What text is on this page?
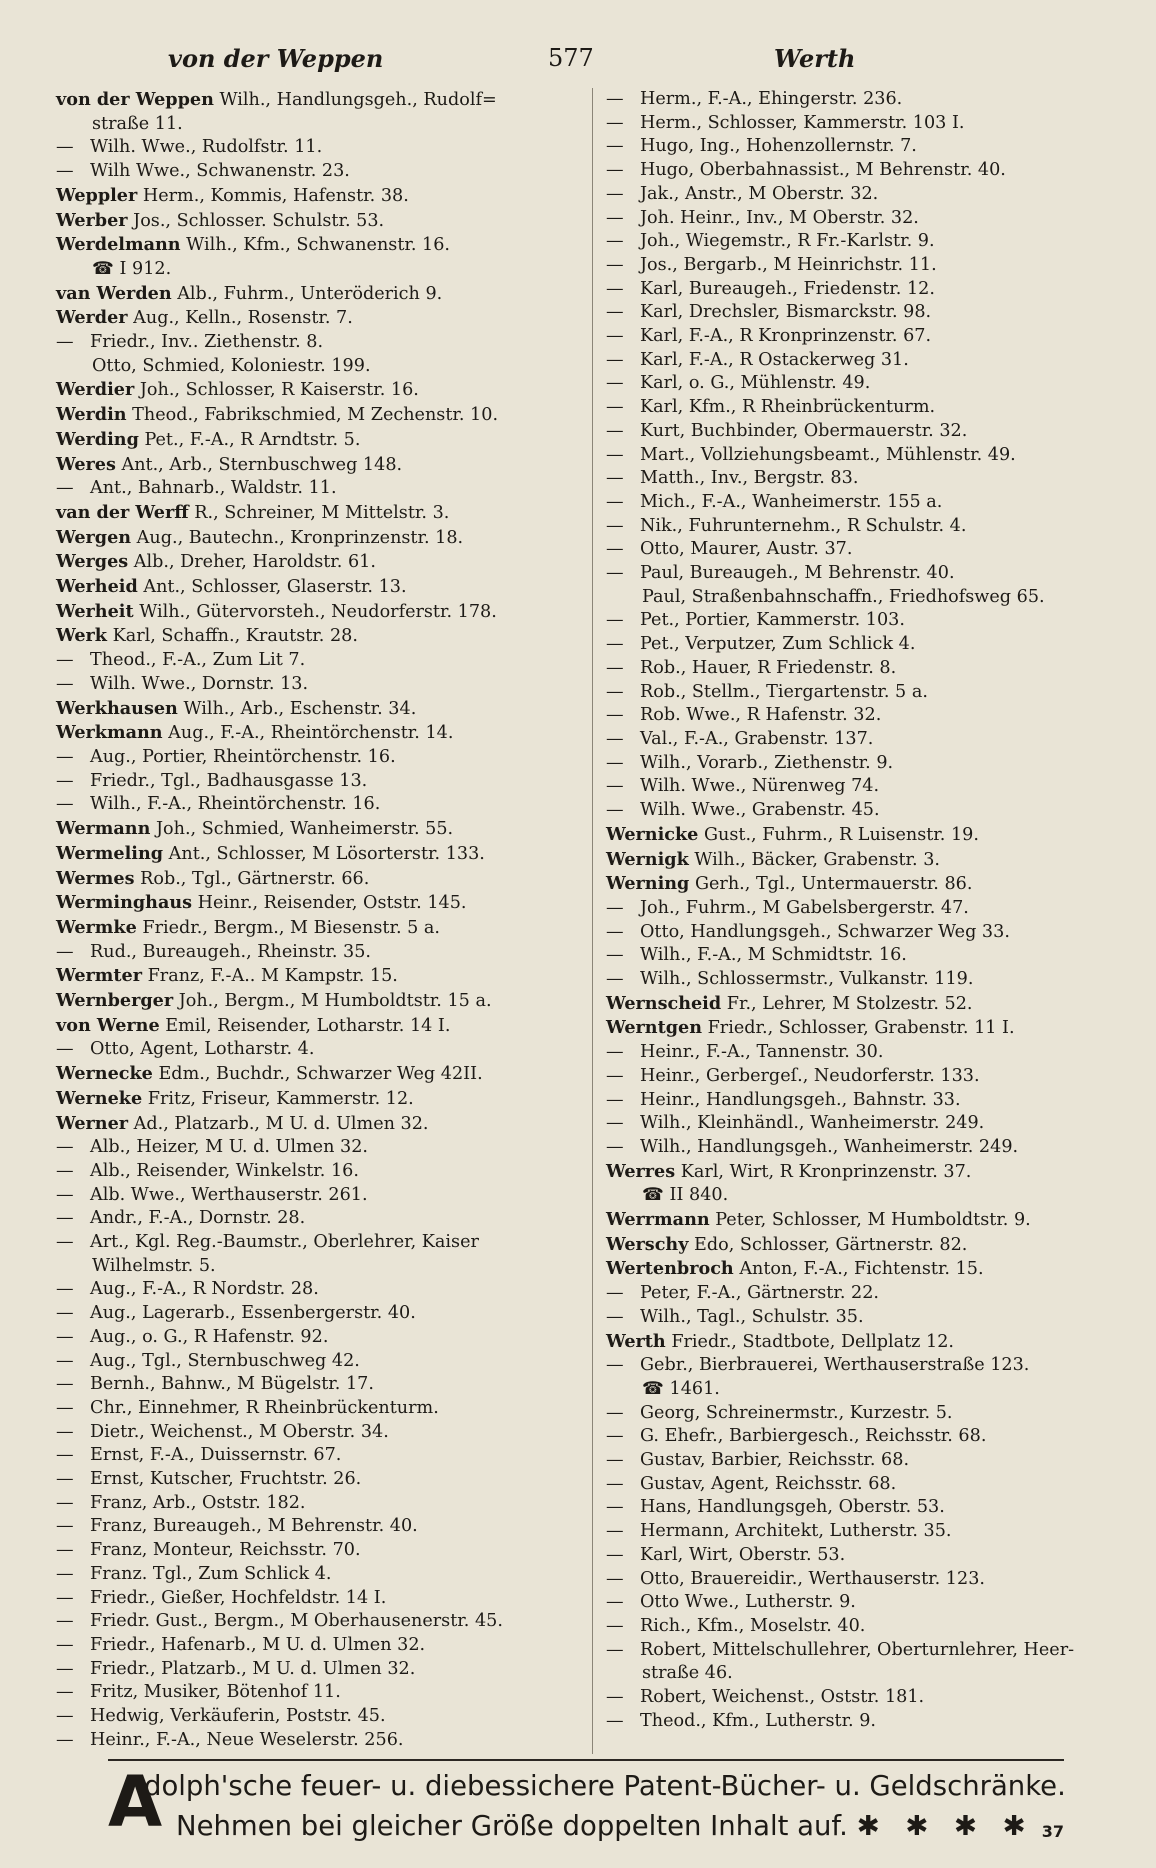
von der Weppen	577	Werth
von der Weppen Wilh., Handlungsgeh., Rudolf=
straße 11.
— Wilh. Wwe., Rudolfstr. 11.
— Wilh Wwe., Schwanenstr. 23.
Weppler Herm., Kommis, Hafenstr. 38.
Werber Jos., Schlosser. Schulstr. 53.
Werdelmann Wilh., Kfm., Schwanenstr. 16.
☎ I 912.
van Werden Alb., Fuhrm., Unteröderich 9.
Werder Aug., Kelln., Rosenstr. 7.
— Friedr., Inv.. Ziethenstr. 8.
Otto, Schmied, Koloniestr. 199.
Werdier Joh., Schlosser, R Kaiserstr. 16.
Werdin Theod., Fabrikschmied, M Zechenstr. 10.
Werding Pet., F.-A., R Arndtstr. 5.
Weres Ant., Arb., Sternbuschweg 148.
— Ant., Bahnarb., Waldstr. 11.
van der Werff R., Schreiner, M Mittelstr. 3.
Wergen Aug., Bautechn., Kronprinzenstr. 18.
Werges Alb., Dreher, Haroldstr. 61.
Werheid Ant., Schlosser, Glaserstr. 13.
Werheit Wilh., Gütervorsteh., Neudorferstr. 178.
Werk Karl, Schaffn., Krautstr. 28.
— Theod., F.-A., Zum Lit 7.
— Wilh. Wwe., Dornstr. 13.
Werkhausen Wilh., Arb., Eschenstr. 34.
Werkmann Aug., F.-A., Rheintörchenstr. 14.
— Aug., Portier, Rheintörchenstr. 16.
— Friedr., Tgl., Badhausgasse 13.
— Wilh., F.-A., Rheintörchenstr. 16.
Wermann Joh., Schmied, Wanheimerstr. 55.
Wermeling Ant., Schlosser, M Lösorterstr. 133.
Wermes Rob., Tgl., Gärtnerstr. 66.
Werminghaus Heinr., Reisender, Oststr. 145.
Wermke Friedr., Bergm., M Biesenstr. 5 a.
— Rud., Bureaugeh., Rheinstr. 35.
Wermter Franz, F.-A.. M Kampstr. 15.
Wernberger Joh., Bergm., M Humboldtstr. 15 a.
von Werne Emil, Reisender, Lotharstr. 14 I.
— Otto, Agent, Lotharstr. 4.
Wernecke Edm., Buchdr., Schwarzer Weg 42II.
Werneke Fritz, Friseur, Kammerstr. 12.
Werner Ad., Platzarb., M U. d. Ulmen 32.
— Alb., Heizer, M U. d. Ulmen 32.
— Alb., Reisender, Winkelstr. 16.
— Alb. Wwe., Werthauserstr. 261.
— Andr., F.-A., Dornstr. 28.
— Art., Kgl. Reg.-Baumstr., Oberlehrer, Kaiser
Wilhelmstr. 5.
— Aug., F.-A., R Nordstr. 28.
— Aug., Lagerarb., Essenbergerstr. 40.
— Aug., o. G., R Hafenstr. 92.
— Aug., Tgl., Sternbuschweg 42.
— Bernh., Bahnw., M Bügelstr. 17.
— Chr., Einnehmer, R Rheinbrückenturm.
— Dietr., Weichenst., M Oberstr. 34.
— Ernst, F.-A., Duissernstr. 67.
— Ernst, Kutscher, Fruchtstr. 26.
— Franz, Arb., Oststr. 182.
— Franz, Bureaugeh., M Behrenstr. 40.
— Franz, Monteur, Reichsstr. 70.
— Franz. Tgl., Zum Schlick 4.
— Friedr., Gießer, Hochfeldstr. 14 I.
— Friedr. Gust., Bergm., M Oberhausenerstr. 45.
— Friedr., Hafenarb., M U. d. Ulmen 32.
— Friedr., Platzarb., M U. d. Ulmen 32.
— Fritz, Musiker, Bötenhof 11.
— Hedwig, Verkäuferin, Poststr. 45.
— Heinr., F.-A., Neue Weselerstr. 256.
— Herm., F.-A., Ehingerstr. 236.
— Herm., Schlosser, Kammerstr. 103 I.
— Hugo, Ing., Hohenzollernstr. 7.
— Hugo, Oberbahnassist., M Behrenstr. 40.
— Jak., Anstr., M Oberstr. 32.
— Joh. Heinr., Inv., M Oberstr. 32.
— Joh., Wiegemstr., R Fr.-Karlstr. 9.
— Jos., Bergarb., M Heinrichstr. 11.
— Karl, Bureaugeh., Friedenstr. 12.
— Karl, Drechsler, Bismarckstr. 98.
— Karl, F.-A., R Kronprinzenstr. 67.
— Karl, F.-A., R Ostackerweg 31.
— Karl, o. G., Mühlenstr. 49.
— Karl, Kfm., R Rheinbrückenturm.
— Kurt, Buchbinder, Obermauerstr. 32.
— Mart., Vollziehungsbeamt., Mühlenstr. 49.
— Matth., Inv., Bergstr. 83.
— Mich., F.-A., Wanheimerstr. 155 a.
— Nik., Fuhrunternehm., R Schulstr. 4.
— Otto, Maurer, Austr. 37.
— Paul, Bureaugeh., M Behrenstr. 40.
Paul, Straßenbahnschaffn., Friedhofsweg 65.
— Pet., Portier, Kammerstr. 103.
— Pet., Verputzer, Zum Schlick 4.
— Rob., Hauer, R Friedenstr. 8.
— Rob., Stellm., Tiergartenstr. 5 a.
— Rob. Wwe., R Hafenstr. 32.
— Val., F.-A., Grabenstr. 137.
— Wilh., Vorarb., Ziethenstr. 9.
— Wilh. Wwe., Nürenweg 74.
— Wilh. Wwe., Grabenstr. 45.
Wernicke Gust., Fuhrm., R Luisenstr. 19.
Wernigk Wilh., Bäcker, Grabenstr. 3.
Werning Gerh., Tgl., Untermauerstr. 86.
— Joh., Fuhrm., M Gabelsbergerstr. 47.
— Otto, Handlungsgeh., Schwarzer Weg 33.
— Wilh., F.-A., M Schmidtstr. 16.
— Wilh., Schlossermstr., Vulkanstr. 119.
Wernscheid Fr., Lehrer, M Stolzestr. 52.
Werntgen Friedr., Schlosser, Grabenstr. 11 I.
— Heinr., F.-A., Tannenstr. 30.
— Heinr., Gerbergeſ., Neudorferstr. 133.
— Heinr., Handlungsgeh., Bahnstr. 33.
— Wilh., Kleinhändl., Wanheimerstr. 249.
— Wilh., Handlungsgeh., Wanheimerstr. 249.
Werres Karl, Wirt, R Kronprinzenstr. 37.
☎ II 840.
Werrmann Peter, Schlosser, M Humboldtstr. 9.
Werschy Edo, Schlosser, Gärtnerstr. 82.
Wertenbroch Anton, F.-A., Fichtenstr. 15.
— Peter, F.-A., Gärtnerstr. 22.
— Wilh., Tagl., Schulstr. 35.
Werth Friedr., Stadtbote, Dellplatz 12.
— Gebr., Bierbrauerei, Werthauserstraße 123.
☎ 1461.
— Georg, Schreinermstr., Kurzestr. 5.
— G. Ehefr., Barbiergesch., Reichsstr. 68.
— Gustav, Barbier, Reichsstr. 68.
— Gustav, Agent, Reichsstr. 68.
— Hans, Handlungsgeh, Oberstr. 53.
— Hermann, Architekt, Lutherstr. 35.
— Karl, Wirt, Oberstr. 53.
— Otto, Brauereidir., Werthauserstr. 123.
— Otto Wwe., Lutherstr. 9.
— Rich., Kfm., Moselstr. 40.
— Robert, Mittelschullehrer, Oberturnlehrer, Heer-
straße 46.
— Robert, Weichenst., Oststr. 181.
— Theod., Kfm., Lutherstr. 9.
A
dolph'sche feuer- u. diebessichere Patent-Bücher- u. Geldschränke.
Nehmen bei gleicher Größe doppelten Inhalt auf. ✱ ✱ ✱ ✱ 37
